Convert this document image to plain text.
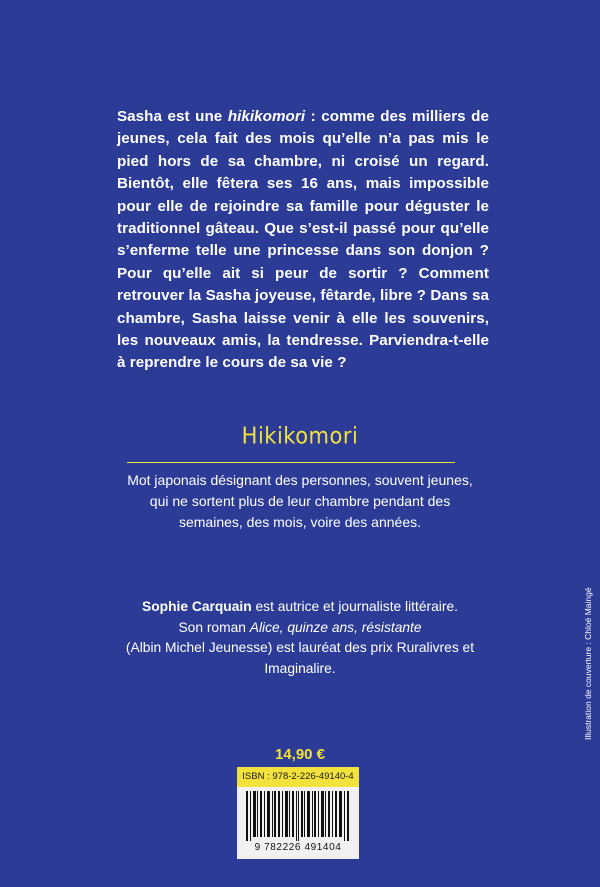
Sasha est une hikikomori : comme des milliers de jeunes, cela fait des mois qu’elle n’a pas mis le pied hors de sa chambre, ni croisé un regard. Bientôt, elle fêtera ses 16 ans, mais impossible pour elle de rejoindre sa famille pour déguster le traditionnel gâteau. Que s’est-il passé pour qu’elle s’enferme telle une princesse dans son donjon ? Pour qu’elle ait si peur de sortir ? Comment retrouver la Sasha joyeuse, fêtarde, libre ? Dans sa chambre, Sasha laisse venir à elle les souvenirs, les nouveaux amis, la tendresse. Parviendra-t-elle à reprendre le cours de sa vie ?
Hikikomori
Mot japonais désignant des personnes, souvent jeunes, qui ne sortent plus de leur chambre pendant des semaines, des mois, voire des années.
Sophie Carquain est autrice et journaliste littéraire.
Son roman Alice, quinze ans, résistante
(Albin Michel Jeunesse) est lauréat des prix Ruralivres et Imaginalire.
14,90 €
ISBN : 978-2-226-49140-4
9 782226 491404
Illustration de couverture : Chloé Maingé
